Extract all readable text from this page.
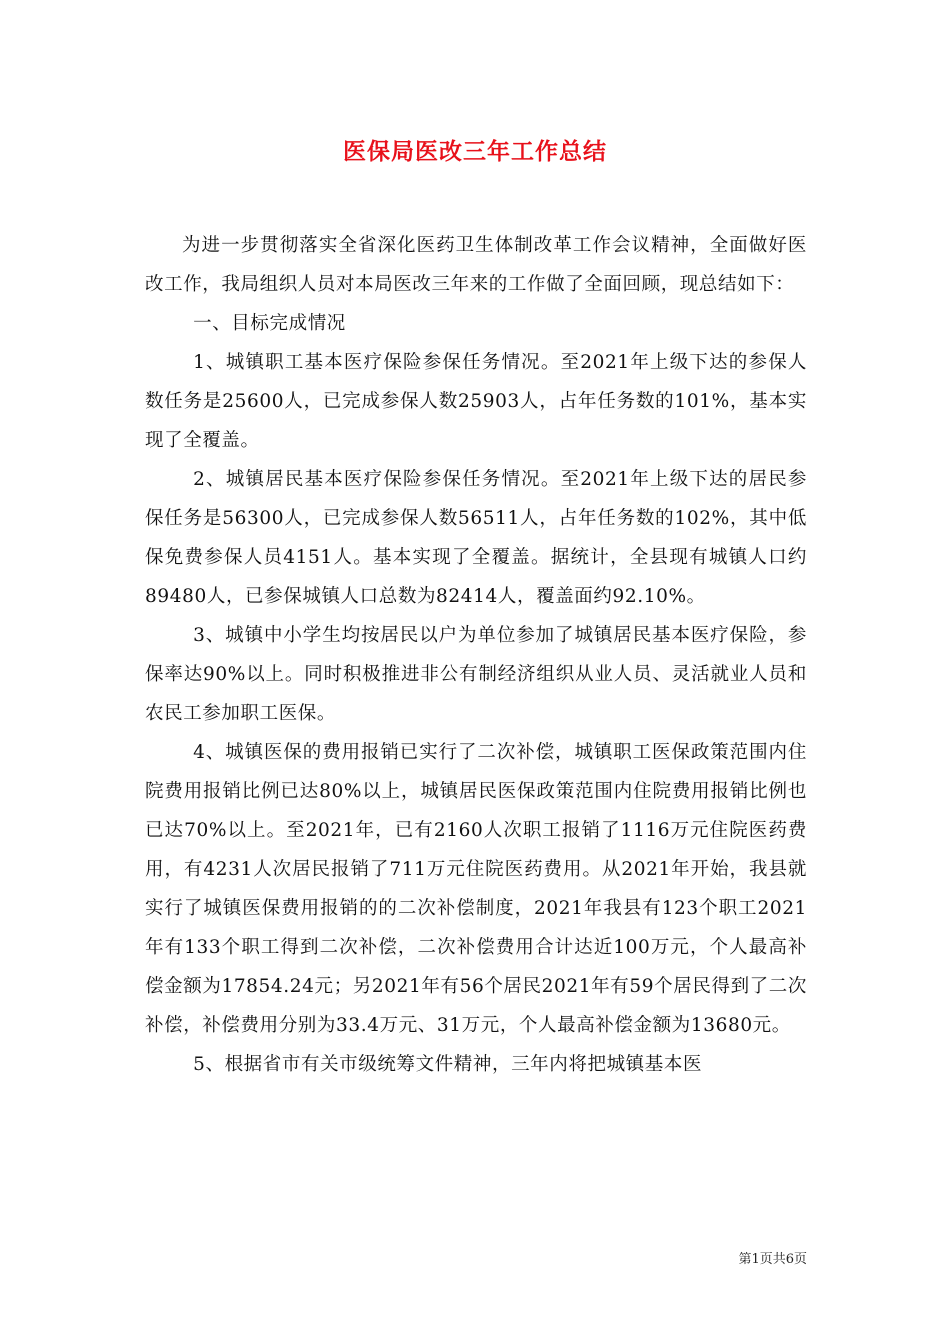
医保局医改三年工作总结

为进一步贯彻落实全省深化医药卫生体制改革工作会议精神，全面做好医改工作，我局组织人员对本局医改三年来的工作做了全面回顾，现总结如下：

一、目标完成情况

1、城镇职工基本医疗保险参保任务情况。至2021年上级下达的参保人数任务是25600人，已完成参保人数25903人，占年任务数的101%，基本实现了全覆盖。

2、城镇居民基本医疗保险参保任务情况。至2021年上级下达的居民参保任务是56300人，已完成参保人数56511人，占年任务数的102%，其中低保免费参保人员4151人。基本实现了全覆盖。据统计，全县现有城镇人口约89480人，已参保城镇人口总数为82414人，覆盖面约92.10%。

3、城镇中小学生均按居民以户为单位参加了城镇居民基本医疗保险，参保率达90%以上。同时积极推进非公有制经济组织从业人员、灵活就业人员和农民工参加职工医保。

4、城镇医保的费用报销已实行了二次补偿，城镇职工医保政策范围内住院费用报销比例已达80%以上，城镇居民医保政策范围内住院费用报销比例也已达70%以上。至2021年，已有2160人次职工报销了1116万元住院医药费用，有4231人次居民报销了711万元住院医药费用。从2021年开始，我县就实行了城镇医保费用报销的的二次补偿制度，2021年我县有123个职工2021年有133个职工得到二次补偿，二次补偿费用合计达近100万元，个人最高补偿金额为17854.24元；另2021年有56个居民2021年有59个居民得到了二次补偿，补偿费用分别为33.4万元、31万元，个人最高补偿金额为13680元。

5、根据省市有关市级统筹文件精神，三年内将把城镇基本医

第1页共6页
